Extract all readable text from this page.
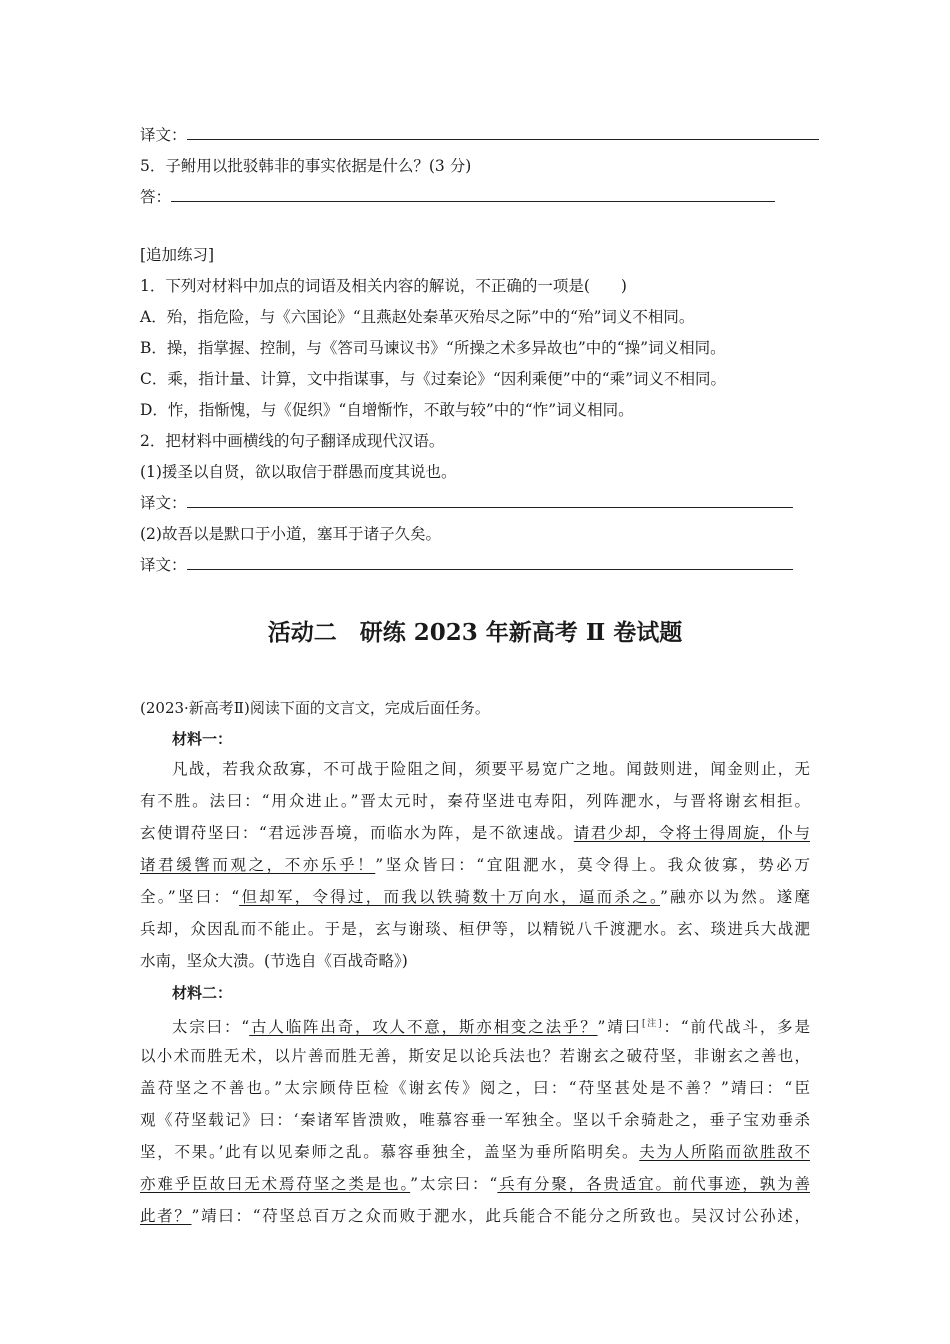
译文：
5．子鲋用以批驳韩非的事实依据是什么？(3 分)
答：
[追加练习]
1．下列对材料中加点的词语及相关内容的解说，不正确的一项是(　　)
A．殆，指危险，与《六国论》“且燕赵处秦革灭殆尽之际”中的“殆”词义不相同。
B．操，指掌握、控制，与《答司马谏议书》“所操之术多异故也”中的“操”词义相同。
C．乘，指计量、计算，文中指谋事，与《过秦论》“因利乘便”中的“乘”词义不相同。
D．怍，指惭愧，与《促织》“自增惭怍，不敢与较”中的“怍”词义相同。
2．把材料中画横线的句子翻译成现代汉语。
(1)援圣以自贤，欲以取信于群愚而度其说也。
译文：
(2)故吾以是默口于小道，塞耳于诸子久矣。
译文：
活动二　研练 2023 年新高考 Ⅱ 卷试题
(2023·新高考Ⅱ)阅读下面的文言文，完成后面任务。
材料一：
凡战，若我众敌寡，不可战于险阻之间，须要平易宽广之地。闻鼓则进，闻金则止，无
有不胜。法曰：“用众进止。”晋太元时，秦苻坚进屯寿阳，列阵淝水，与晋将谢玄相拒。
玄使谓苻坚曰：“君远涉吾境，而临水为阵，是不欲速战。请君少却，令将士得周旋，仆与
诸君缓辔而观之，不亦乐乎！”坚众皆曰：“宜阻淝水，莫令得上。我众彼寡，势必万
全。”坚曰：“但却军，令得过，而我以铁骑数十万向水，逼而杀之。”融亦以为然。遂麾
兵却，众因乱而不能止。于是，玄与谢琰、桓伊等，以精锐八千渡淝水。玄、琰进兵大战淝
水南，坚众大溃。(节选自《百战奇略》)
材料二：
太宗曰：“古人临阵出奇，攻人不意，斯亦相变之法乎？”靖曰[注]：“前代战斗，多是
以小术而胜无术，以片善而胜无善，斯安足以论兵法也？若谢玄之破苻坚，非谢玄之善也，
盖苻坚之不善也。”太宗顾侍臣检《谢玄传》阅之，曰：“苻坚甚处是不善？”靖曰：“臣
观《苻坚载记》曰：‘秦诸军皆溃败，唯慕容垂一军独全。坚以千余骑赴之，垂子宝劝垂杀
坚，不果。’此有以见秦师之乱。慕容垂独全，盖坚为垂所陷明矣。夫为人所陷而欲胜敌不
亦难乎臣故曰无术焉苻坚之类是也。”太宗曰：“兵有分聚，各贵适宜。前代事迹，孰为善
此者？”靖曰：“苻坚总百万之众而败于淝水，此兵能合不能分之所致也。吴汉讨公孙述，
